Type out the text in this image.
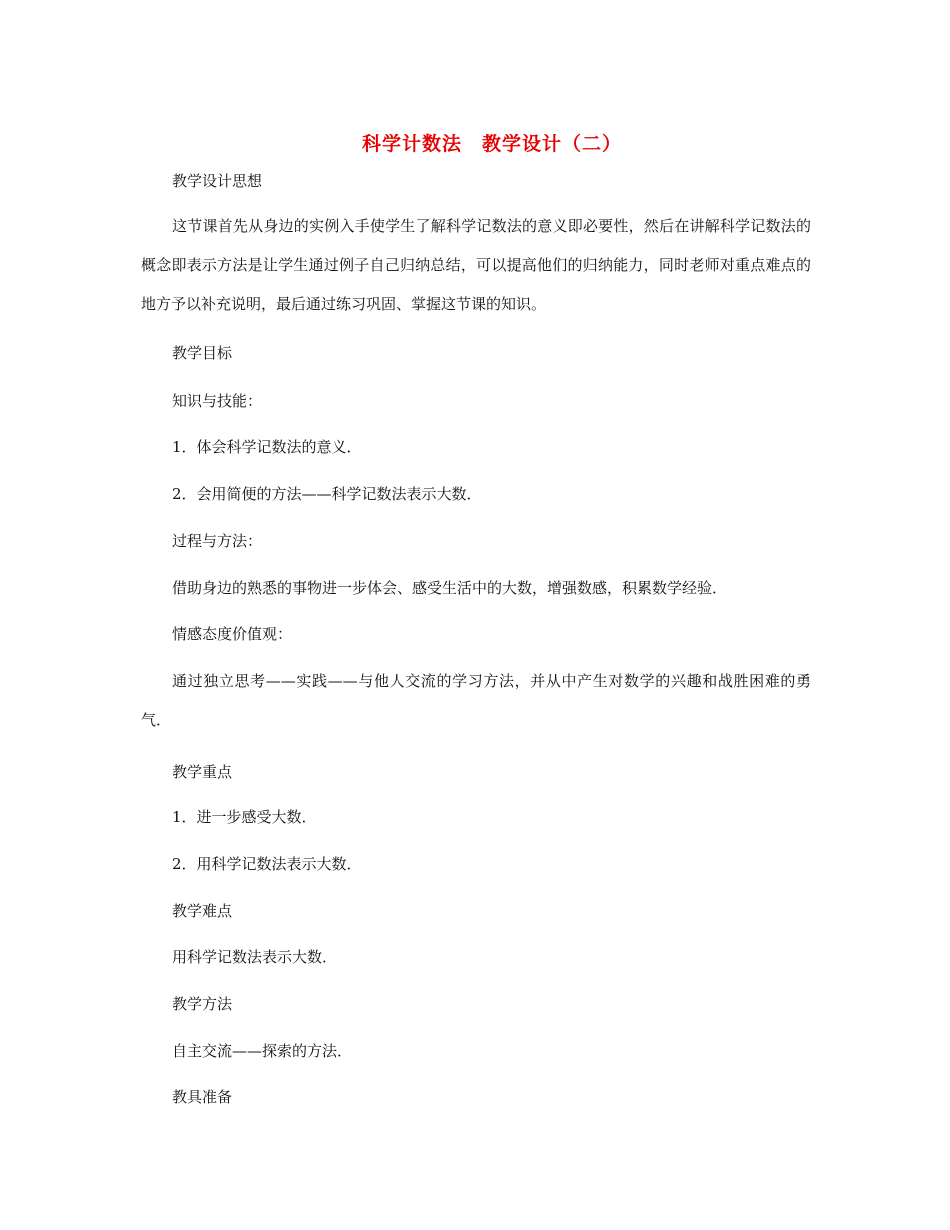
科学计数法　教学设计（二）
教学设计思想
这节课首先从身边的实例入手使学生了解科学记数法的意义即必要性，然后在讲解科学记数法的概念即表示方法是让学生通过例子自己归纳总结，可以提高他们的归纳能力，同时老师对重点难点的地方予以补充说明，最后通过练习巩固、掌握这节课的知识。
教学目标
知识与技能：
1．体会科学记数法的意义．
2．会用简便的方法——科学记数法表示大数．
过程与方法：
借助身边的熟悉的事物进一步体会、感受生活中的大数，增强数感，积累数学经验．
情感态度价值观：
通过独立思考——实践——与他人交流的学习方法，并从中产生对数学的兴趣和战胜困难的勇气．
教学重点
1．进一步感受大数．
2．用科学记数法表示大数．
教学难点
用科学记数法表示大数．
教学方法
自主交流——探索的方法．
教具准备
